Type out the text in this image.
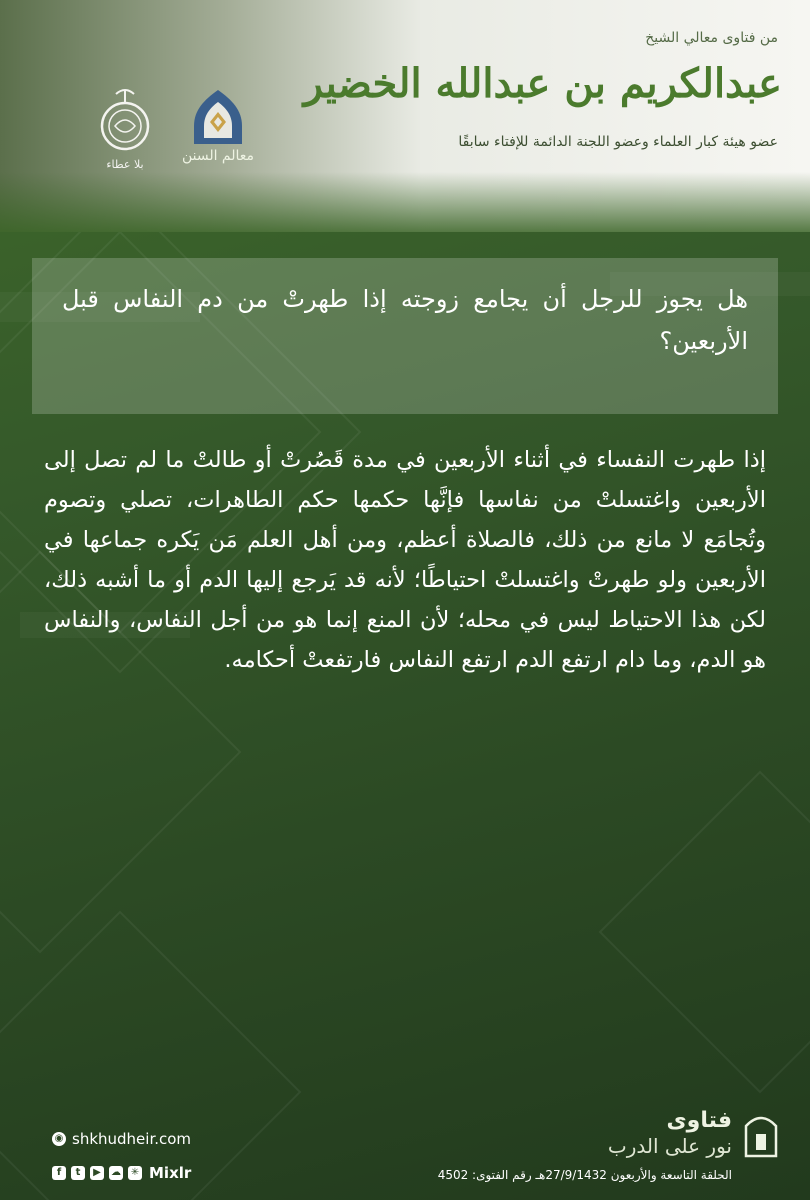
من فتاوى معالي الشيخ
عبدالكريم بن عبدالله الخضير
عضو هيئة كبار العلماء وعضو اللجنة الدائمة للإفتاء سابقًا
معالم السنن
بلا عطاء

هل يجوز للرجل أن يجامع زوجته إذا طهرتْ من دم النفاس قبل الأربعين؟

إذا طهرت النفساء في أثناء الأربعين في مدة قَصُرتْ أو طالتْ ما لم تصل إلى الأربعين واغتسلتْ من نفاسها فإنَّها حكمها حكم الطاهرات، تصلي وتصوم وتُجامَع لا مانع من ذلك، فالصلاة أعظم، ومن أهل العلم مَن يَكره جماعها في الأربعين ولو طهرتْ واغتسلتْ احتياطًا؛ لأنه قد يَرجع إليها الدم أو ما أشبه ذلك، لكن هذا الاحتياط ليس في محله؛ لأن المنع إنما هو من أجل النفاس، والنفاس هو الدم، وما دام ارتفع الدم ارتفع النفاس فارتفعتْ أحكامه.

◉ shkhudheir.com
f	t	▶	☁ ✳ Mixlr
فتاوى
نور على الدرب
الحلقة التاسعة والأربعون 27/9/1432هـ رقم الفتوى: 4502
